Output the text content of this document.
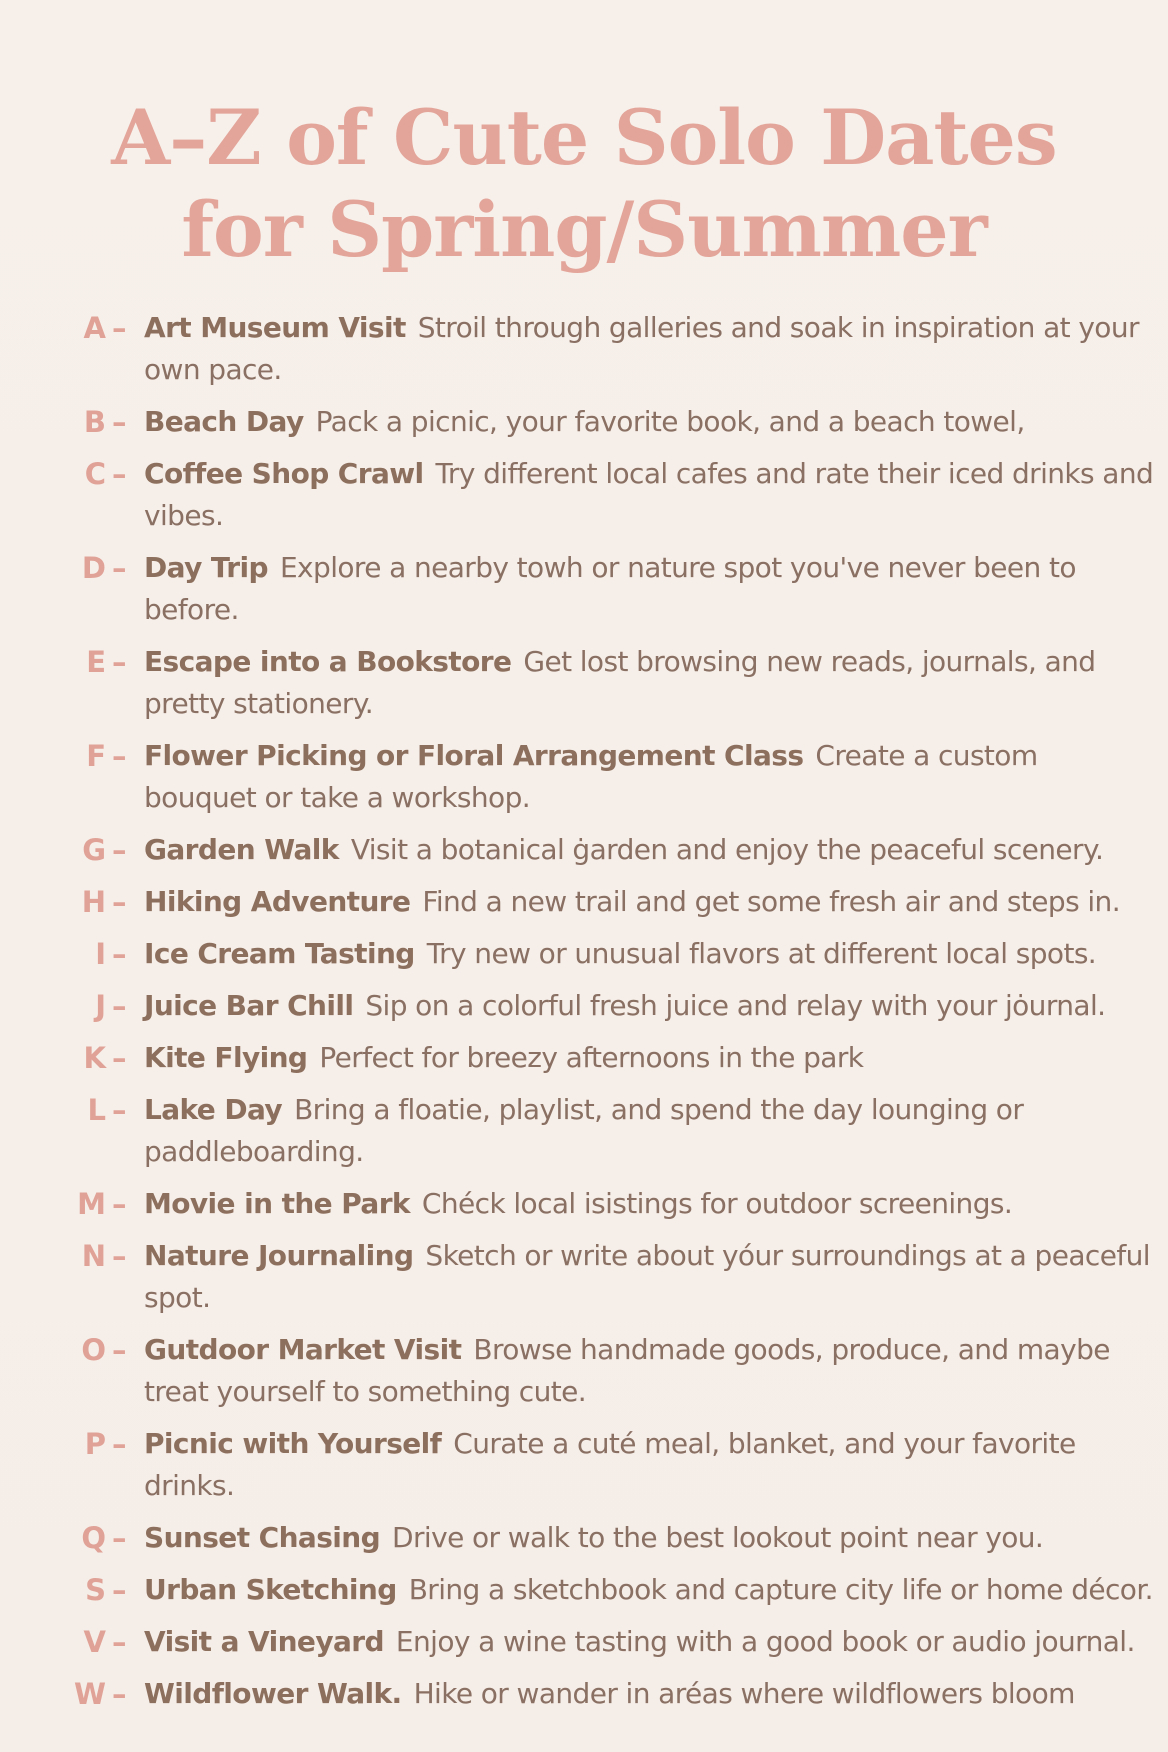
A–Z of Cute Solo Dates
for Spring/Summer
A – Art Museum Visit Stroil through galleries and soak in inspiration at your own pace.
B – Beach Day Pack a picnic, your favorite book, and a beach towel,
C – Coffee Shop Crawl Try different local cafes and rate their iced drinks and vibes.
D – Day Trip Explore a nearby towh or nature spot you've never been to before.
E – Escape into a Bookstore Get lost browsing new reads, journals, and pretty stationery.
F – Flower Picking or Floral Arrangement Class Create a custom bouquet or take a workshop.
G – Garden Walk Visit a botanical ġarden and enjoy the peaceful scenery.
H – Hiking Adventure Find a new trail and get some fresh air and steps in.
I – Ice Cream Tasting Try new or unusual flavors at different local spots.
J – Juice Bar Chill Sip on a colorful fresh juice and relay with your jȯurnal.
K – Kite Flying Perfect for breezy afternoons in the park
L – Lake Day Bring a floatie, playlist, and spend the day lounging or paddleboarding.
M – Movie in the Park Chéck local isistings for outdoor screenings.
N – Nature Journaling Sketch or write about yóur surroundings at a peaceful spot.
O – Gutdoor Market Visit Browse handmade goods, produce, and maybe treat yourself to something cute.
P – Picnic with Yourself Curate a cuté meal, blanket, and your favorite drinks.
Q – Sunset Chasing Drive or walk to the best lookout point near you.
S – Urban Sketching Bring a sketchbook and capture city life or home décor.
V – Visit a Vineyard Enjoy a wine tasting with a good book or audio journal.
W – Wildflower Walk. Hike or wander in aréas where wildflowers bloom
